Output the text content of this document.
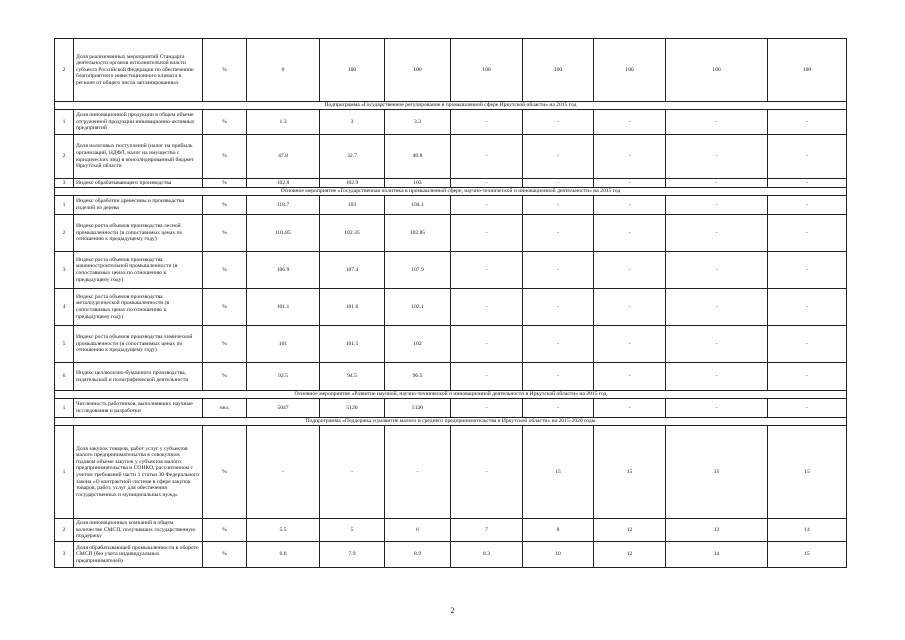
2	Доля реализованных мероприятий Стандарта деятельности органов исполнительной власти субъекта Российской Федерации по обеспечению благоприятного инвестиционного климата в регионе от общего числа запланированных	%	0	100	100	100	100	100	100	100
Подпрограмма «Государственное регулирование в промышленной сфере Иркутской области» на 2015 год										
1	Доля инновационной продукции в общем объеме отгруженной продукции инновационно-активных предприятий	%	1.3	3	3.3	-	-	-	-	-
2	Доля налоговых поступлений (налог на прибыль организаций, НДФЛ, налог на имущество с юридических лиц) в консолидированный бюджет Иркутской области	%	47.8	32.7	40.8	-	-	-	-	-
3	Индекс обрабатывающего производства	%	102.8	102.9	103	-	-	-	-	-
Основное мероприятие «Государственная политика в промышленной сфере, научно-технической и инновационной деятельности» на 2015 год										
1	Индекс обработки древесины и производства изделий из дерева	%	118.7	103	104.1	-	-	-	-	-
2	Индекс роста объемов производства лесной промышленности (в сопоставимых ценах по отношению к предыдущему году)	%	101.85	102.35	102.85	-	-	-	-	-
3	Индекс роста объемов производства машиностроительной промышленности (в сопоставимых ценах по отношению к предыдущему году)	%	106.9	107.4	107.9	-	-	-	-	-
4	Индекс роста объемов производства металлургической промышленности (в сопоставимых ценах по отношению к предыдущему году)	%	101.1	101.6	102.1	-	-	-	-	-
5	Индекс роста объемов производства химической промышленности (в сопоставимых ценах по отношению к предыдущему году)	%	101	101.5	102	-	-	-	-	-
6	Индекс целлюлозно-бумажного производства, издательской и полиграфической деятельности	%	92.5	94.5	96.5	-	-	-	-	-
Основное мероприятие «Развитие научной, научно-технической и инновационной деятельности в Иркутской области» на 2015 год										
1	Численность работников, выполнявших научные исследования и разработки	чел.	5047	5120	5120	-	-	-	-	-
Подпрограмма «Поддержка и развитие малого и среднего предпринимательства в Иркутской области» на 2015-2020 годы										
1	Доля закупок товаров, работ услуг у субъектов малого предпринимательства в совокупном годовом объеме закупок у субъектов малого предпринимательства и СОНКО, рассчитанном с учетом требований части 1 статьи 30 Федерального закона «О контрактной системе в сфере закупок товаров, работ, услуг для обеспечения государственных и муниципальных нужд»	%	-	-	-	-	15	15	15	15
2	Доля инновационных компаний в общем количестве СМСП, получивших государственную поддержку	%	5.5	5	6	7	8	12	13	14
3	Доля обрабатывающей промышленности в обороте СМСП (без учета индивидуальных предпринимателей)	%	6.6	7.9	8.9	8.3	10	12	14	15
2
